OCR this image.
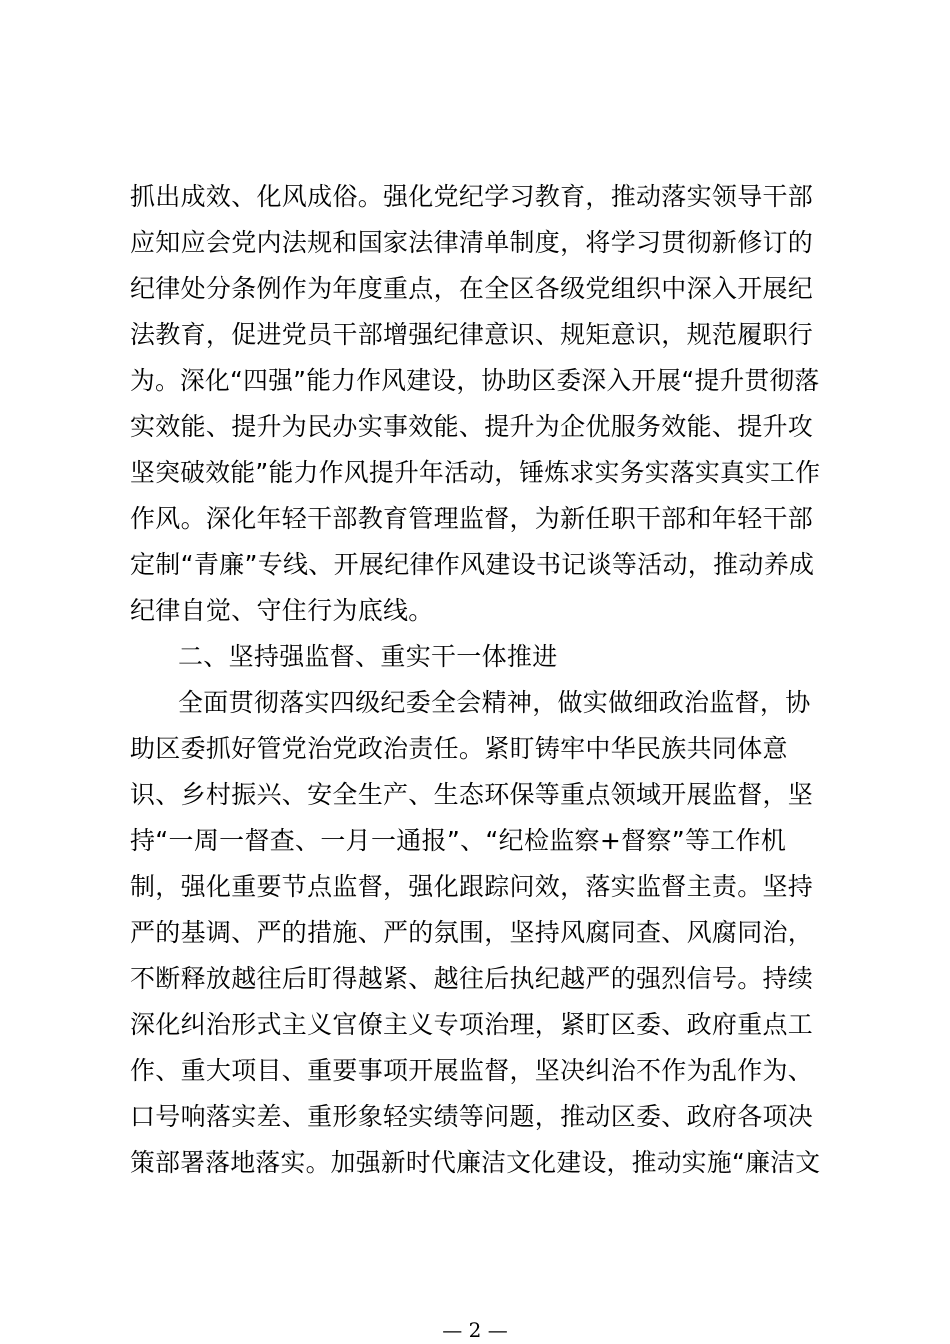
抓出成效、化风成俗。强化党纪学习教育，推动落实领导干部

应知应会党内法规和国家法律清单制度，将学习贯彻新修订的

纪律处分条例作为年度重点，在全区各级党组织中深入开展纪

法教育，促进党员干部增强纪律意识、规矩意识，规范履职行

为。深化“四强”能力作风建设，协助区委深入开展“提升贯彻落

实效能、提升为民办实事效能、提升为企优服务效能、提升攻

坚突破效能”能力作风提升年活动，锤炼求实务实落实真实工作

作风。深化年轻干部教育管理监督，为新任职干部和年轻干部

定制“青廉”专线、开展纪律作风建设书记谈等活动，推动养成

纪律自觉、守住行为底线。

二、坚持强监督、重实干一体推进

全面贯彻落实四级纪委全会精神，做实做细政治监督，协

助区委抓好管党治党政治责任。紧盯铸牢中华民族共同体意

识、乡村振兴、安全生产、生态环保等重点领域开展监督，坚

持“一周一督查、一月一通报”、“纪检监察+督察”等工作机

制，强化重要节点监督，强化跟踪问效，落实监督主责。坚持

严的基调、严的措施、严的氛围，坚持风腐同查、风腐同治，

不断释放越往后盯得越紧、越往后执纪越严的强烈信号。持续

深化纠治形式主义官僚主义专项治理，紧盯区委、政府重点工

作、重大项目、重要事项开展监督，坚决纠治不作为乱作为、

口号响落实差、重形象轻实绩等问题，推动区委、政府各项决

策部署落地落实。加强新时代廉洁文化建设，推动实施“廉洁文

— 2 —
